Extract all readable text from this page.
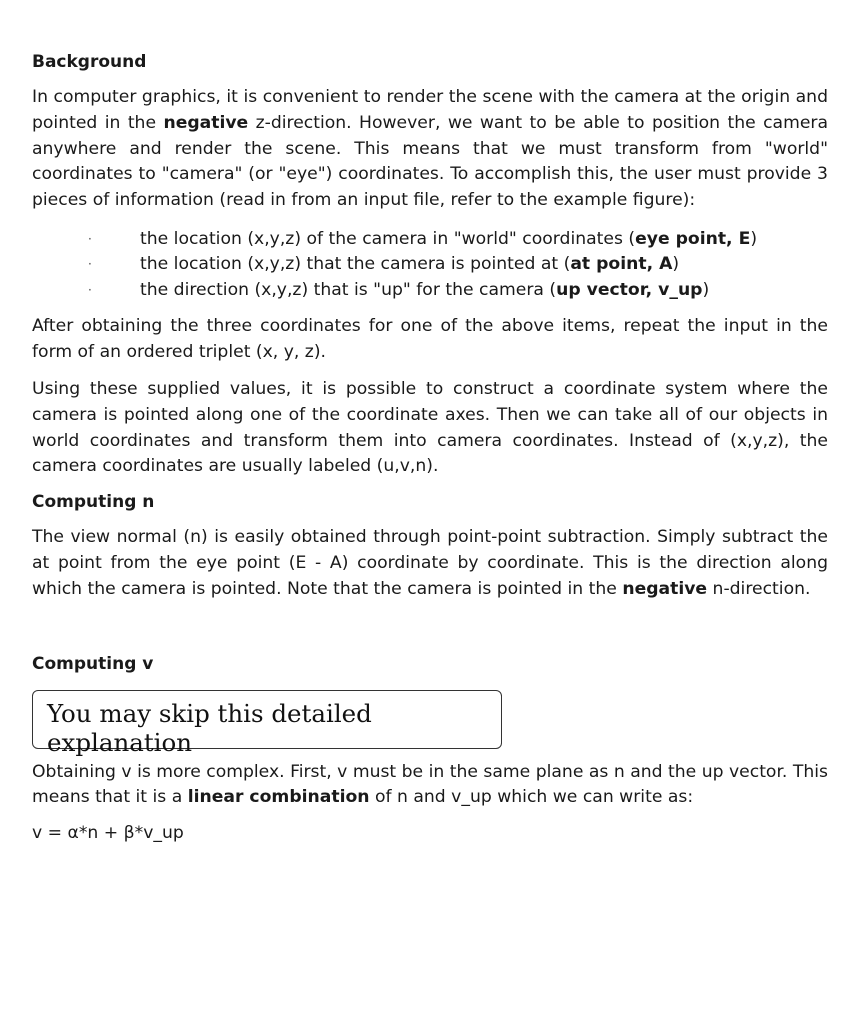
Background

In computer graphics, it is convenient to render the scene with the camera at the origin and pointed in the negative z-direction. However, we want to be able to position the camera anywhere and render the scene. This means that we must transform from "world" coordinates to "camera" (or "eye") coordinates. To accomplish this, the user must provide 3 pieces of information (read in from an input file, refer to the example figure):

·	the location (x,y,z) of the camera in "world" coordinates (eye point, E)
·	the location (x,y,z) that the camera is pointed at (at point, A)
·	the direction (x,y,z) that is "up" for the camera (up vector, v_up)

After obtaining the three coordinates for one of the above items, repeat the input in the form of an ordered triplet (x, y, z).

Using these supplied values, it is possible to construct a coordinate system where the camera is pointed along one of the coordinate axes. Then we can take all of our objects in world coordinates and transform them into camera coordinates. Instead of (x,y,z), the camera coordinates are usually labeled (u,v,n).

Computing n

The view normal (n) is easily obtained through point-point subtraction. Simply subtract the at point from the eye point (E - A) coordinate by coordinate. This is the direction along which the camera is pointed. Note that the camera is pointed in the negative n-direction.

Computing v
You may skip this detailed explanation

Obtaining v is more complex. First, v must be in the same plane as n and the up vector. This means that it is a linear combination of n and v_up which we can write as:

v = α*n + β*v_up
